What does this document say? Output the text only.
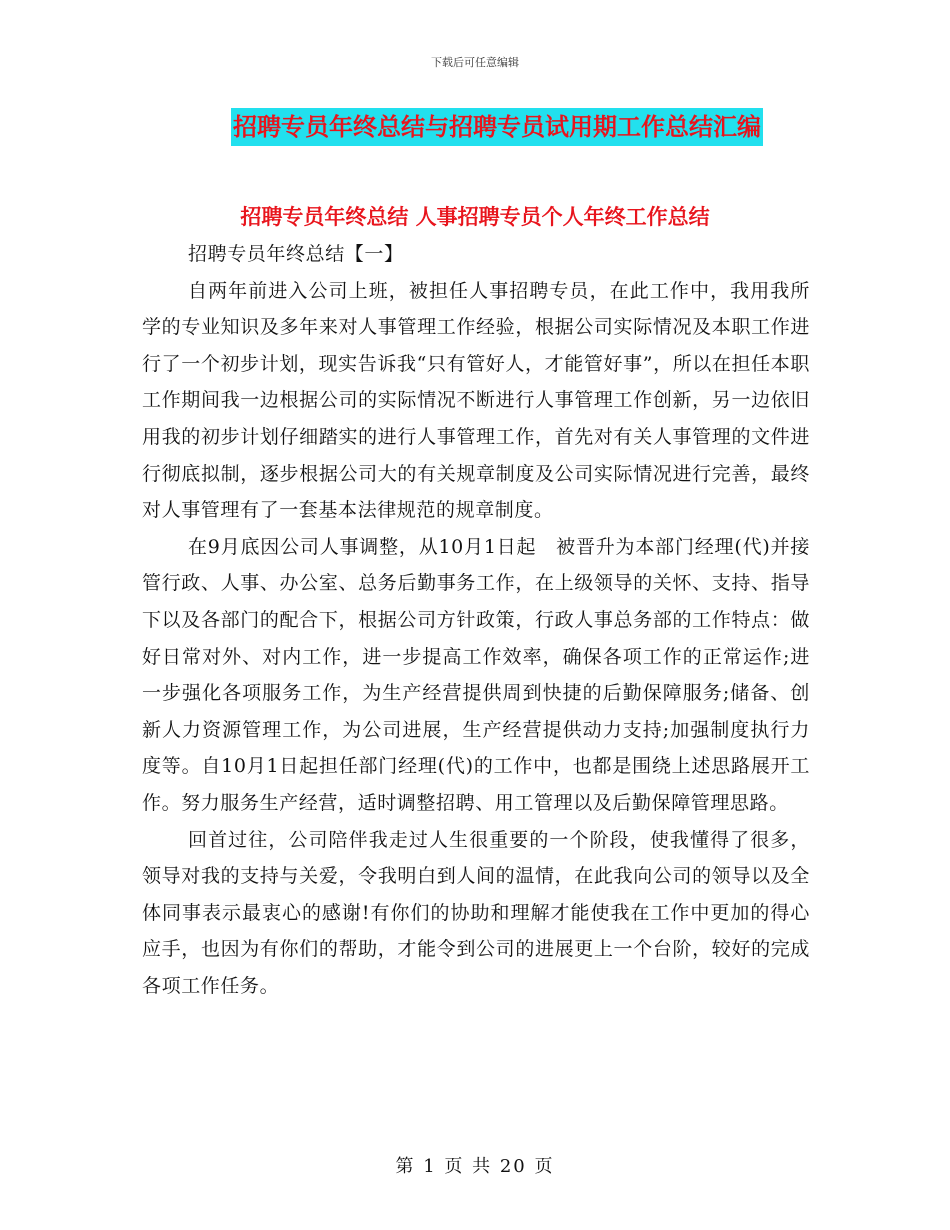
下载后可任意编辑
招聘专员年终总结与招聘专员试用期工作总结汇编
招聘专员年终总结 人事招聘专员个人年终工作总结
招聘专员年终总结【一】

自两年前进入公司上班，被担任人事招聘专员，在此工作中，我用我所学的专业知识及多年来对人事管理工作经验，根据公司实际情况及本职工作进行了一个初步计划，现实告诉我“只有管好人，才能管好事”，所以在担任本职工作期间我一边根据公司的实际情况不断进行人事管理工作创新，另一边依旧用我的初步计划仔细踏实的进行人事管理工作，首先对有关人事管理的文件进行彻底拟制，逐步根据公司大的有关规章制度及公司实际情况进行完善，最终对人事管理有了一套基本法律规范的规章制度。

在9月底因公司人事调整，从10月1日起　被晋升为本部门经理(代)并接管行政、人事、办公室、总务后勤事务工作，在上级领导的关怀、支持、指导下以及各部门的配合下，根据公司方针政策，行政人事总务部的工作特点：做好日常对外、对内工作，进一步提高工作效率，确保各项工作的正常运作;进一步强化各项服务工作，为生产经营提供周到快捷的后勤保障服务;储备、创新人力资源管理工作，为公司进展，生产经营提供动力支持;加强制度执行力度等。自10月1日起担任部门经理(代)的工作中，也都是围绕上述思路展开工作。努力服务生产经营，适时调整招聘、用工管理以及后勤保障管理思路。

回首过往，公司陪伴我走过人生很重要的一个阶段，使我懂得了很多，领导对我的支持与关爱，令我明白到人间的温情，在此我向公司的领导以及全体同事表示最衷心的感谢!有你们的协助和理解才能使我在工作中更加的得心应手，也因为有你们的帮助，才能令到公司的进展更上一个台阶，较好的完成各项工作任务。

第 1 页 共 20 页
